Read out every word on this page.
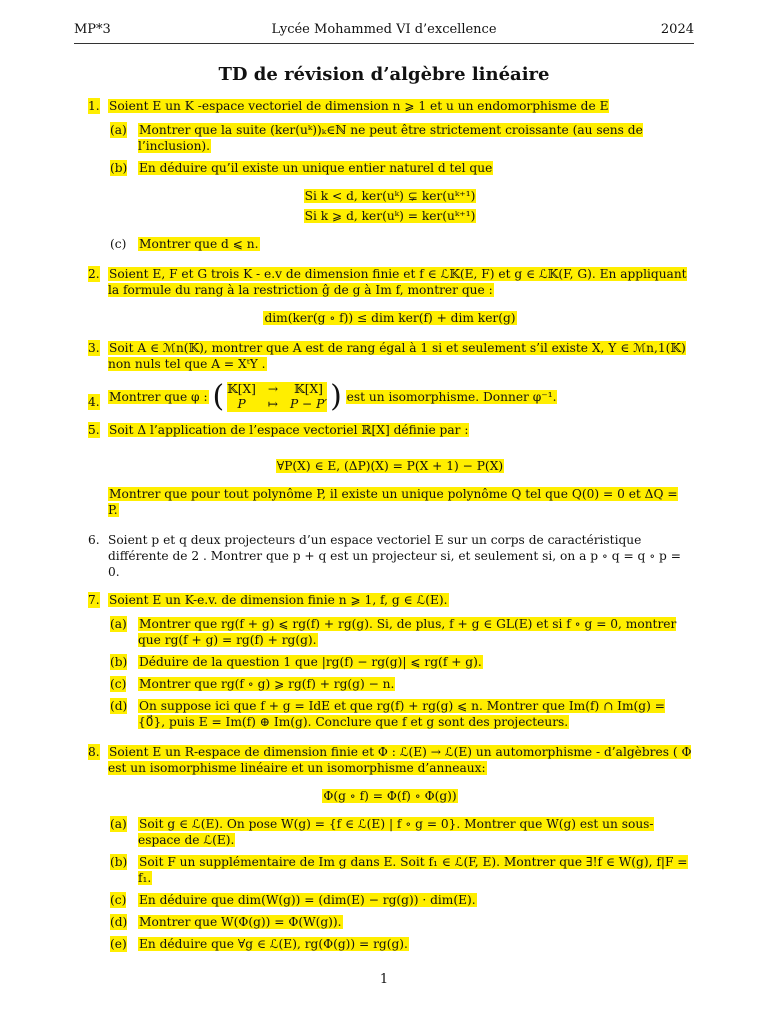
MP*3	Lycée Mohammed VI d’excellence	2024
TD de révision d’algèbre linéaire
1. Soient E un K -espace vectoriel de dimension n ⩾ 1 et u un endomorphisme de E
(a) Montrer que la suite (ker(uᵏ))ₖ∈ℕ ne peut être strictement croissante (au sens de l’inclusion).
(b) En déduire qu’il existe un unique entier naturel d tel que
Si k < d, ker(uᵏ) ⊊ ker(uᵏ⁺¹)
Si k ⩾ d, ker(uᵏ) = ker(uᵏ⁺¹)
(c) Montrer que d ⩽ n.
2. Soient E, F et G trois K - e.v de dimension finie et f ∈ ℒ𝕂(E, F) et g ∈ ℒ𝕂(F, G). En appliquant la formule du rang à la restriction ĝ de g à Im f, montrer que :
dim(ker(g ∘ f)) ≤ dim ker(f) + dim ker(g)
3. Soit A ∈ ℳn(𝕂), montrer que A est de rang égal à 1 si et seulement s’il existe X, Y ∈ ℳn,1(𝕂) non nuls tel que A = XᵗY .
4. Montrer que φ : ( 𝕂[X] →	𝕂[X]
P	↦ P − P′ ) est un isomorphisme. Donner φ⁻¹.
5. Soit Δ l’application de l’espace vectoriel ℝ[X] définie par :
∀P(X) ∈ E, (ΔP)(X) = P(X + 1) − P(X)
Montrer que pour tout polynôme P, il existe un unique polynôme Q tel que Q(0) = 0 et ΔQ = P.
6. Soient p et q deux projecteurs d’un espace vectoriel E sur un corps de caractéristique différente de 2 . Montrer que p + q est un projecteur si, et seulement si, on a p ∘ q = q ∘ p = 0.
7. Soient E un K-e.v. de dimension finie n ⩾ 1, f, g ∈ ℒ(E).
(a) Montrer que rg(f + g) ⩽ rg(f) + rg(g). Si, de plus, f + g ∈ GL(E) et si f ∘ g = 0, montrer que rg(f + g) = rg(f) + rg(g).
(b) Déduire de la question 1 que |rg(f) − rg(g)| ⩽ rg(f + g).
(c) Montrer que rg(f ∘ g) ⩾ rg(f) + rg(g) − n.
(d) On suppose ici que f + g = IdE et que rg(f) + rg(g) ⩽ n. Montrer que Im(f) ∩ Im(g) = {0⃗}, puis E = Im(f) ⊕ Im(g). Conclure que f et g sont des projecteurs.
8. Soient E un R-espace de dimension finie et Φ : ℒ(E) → ℒ(E) un automorphisme - d’algèbres ( Φ est un isomorphisme linéaire et un isomorphisme d’anneaux:
Φ(g ∘ f) = Φ(f) ∘ Φ(g))
(a) Soit g ∈ ℒ(E). On pose W(g) = {f ∈ ℒ(E) | f ∘ g = 0}. Montrer que W(g) est un sous-espace de ℒ(E).
(b) Soit F un supplémentaire de Im g dans E. Soit f₁ ∈ ℒ(F, E). Montrer que ∃!f ∈ W(g), f|F = f₁.
(c) En déduire que dim(W(g)) = (dim(E) − rg(g)) · dim(E).
(d) Montrer que W(Φ(g)) = Φ(W(g)).
(e) En déduire que ∀g ∈ ℒ(E), rg(Φ(g)) = rg(g).
1
